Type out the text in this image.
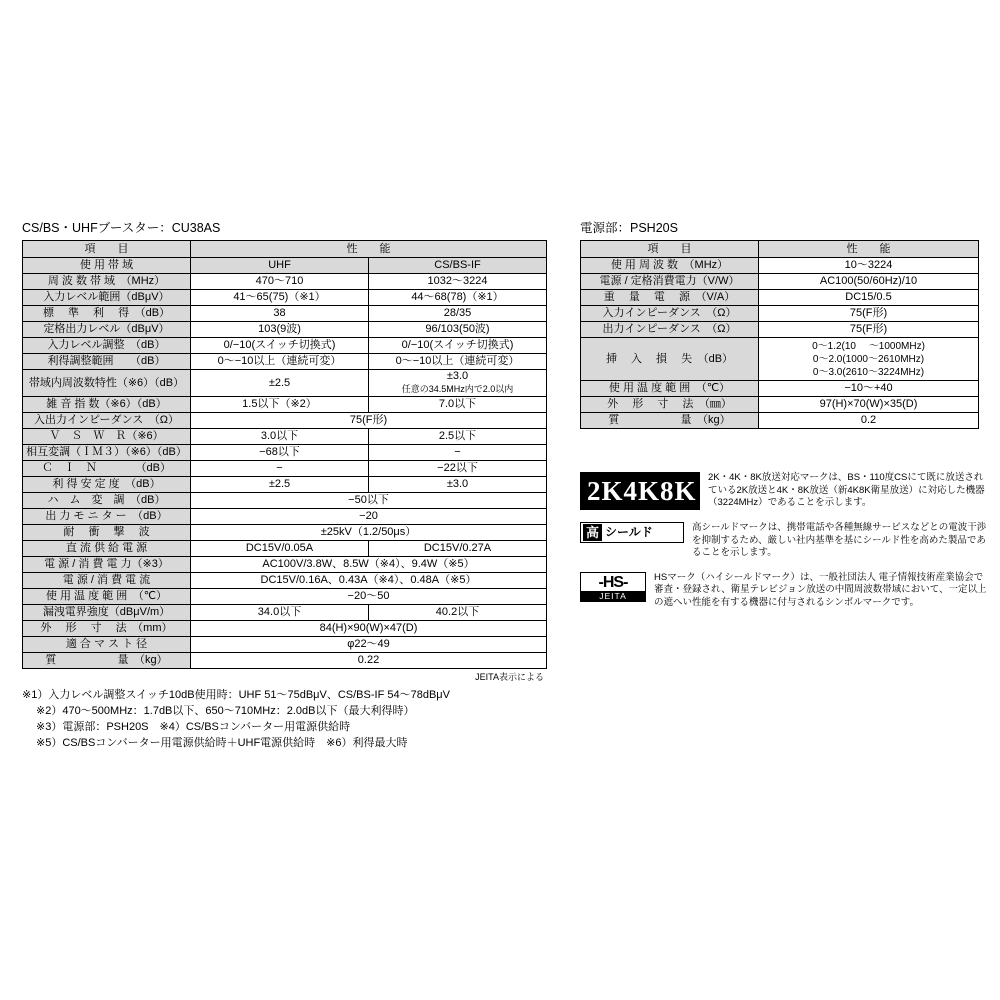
CS/BS・UHFブースター：CU38AS
項　　目	性　　能	
使 用 帯 域	UHF	CS/BS-IF
周 波 数 帯 域　（MHz）	470〜710	1032〜3224
入力レベル範囲（dBμV）	41〜65(75)（※1）	44〜68(78)（※1）
標 　準 　利 　得　（dB）	38	28/35
定格出力レベル（dBμV）	103(9波)	96/103(50波)
入力レベル調整　（dB）	0/−10(スイッチ切換式)	0/−10(スイッチ切換式)
利得調整範囲　　（dB）	0〜−10以上（連続可変）	0〜−10以上（連続可変）
帯域内周波数特性（※6）（dB）	±2.5	±3.0
任意の34.5MHz内で2.0以内

雑 音 指 数（※6）（dB）	1.5以下（※2）	7.0以下
入出力インピーダンス　（Ω）	75(F形)	
Ｖ　Ｓ　Ｗ　Ｒ（※6）	3.0以下	2.5以下
相互変調（ＩＭ３）（※6）（dB）	−68以下	−
Ｃ　Ｉ　Ｎ　　　　（dB）	−	−22以下
利 得 安 定 度　（dB）	±2.5	±3.0
ハ　ム　変　調　（dB）	−50以下	
出 力 モ ニ タ ー　（dB）	−20	
耐 　衝 　撃 　波	±25kV（1.2/50μs）	
直 流 供 給 電 源	DC15V/0.05A	DC15V/0.27A
電 源 / 消 費 電 力（※3）	AC100V/3.8W、8.5W（※4）、9.4W（※5）	
電 源 / 消 費 電 流	DC15V/0.16A、0.43A（※4）、0.48A（※5）	
使 用 温 度 範 囲　（℃）	−20〜50	
漏洩電界強度（dBμV/m）	34.0以下	40.2以下
外 　形 　寸 　法　（mm）	84(H)×90(W)×47(D)	
適 合 マ ス ト 径	φ22〜49	
質 　　　　　 量　（kg）	0.22	
JEITA表示による
※1）入力レベル調整スイッチ10dB使用時：UHF 51〜75dBμV、CS/BS-IF 54〜78dBμV
※2）470〜500MHz：1.7dB以下、650〜710MHz：2.0dB以下（最大利得時）
※3）電源部：PSH20S　※4）CS/BSコンバーター用電源供給時
※5）CS/BSコンバーター用電源供給時＋UHF電源供給時　※6）利得最大時
電源部：PSH20S
項　　目	性　　能
使 用 周 波 数　（MHz）	10〜3224
電源 / 定格消費電力（V/W）	AC100(50/60Hz)/10
重 　量 　電 　源　（V/A）	DC15/0.5
入力インピーダンス　（Ω）	75(F形)
出力インピーダンス　（Ω）	75(F形)
挿 　入 　損 　失　（dB）	0〜1.2(10 　〜1000MHz)
0〜2.0(1000〜2610MHz)
0〜3.0(2610〜3224MHz)

使 用 温 度 範 囲　（℃）	−10〜+40
外 　形 　寸 　法　（㎜）	97(H)×70(W)×35(D)
質 　　　　　 量　（kg）	0.2
2K4K8K	2K・4K・8K放送対応マークは、BS・110度CSにて既に放送されている2K放送と4K・8K放送（新4K8K衛星放送）に対応した機器（3224MHz）であることを示します。
高 シールド	高シールドマークは、携帯電話や各種無線サービスなどとの電波干渉を抑制するため、厳しい社内基準を基にシールド性を高めた製品であることを示します。
-HS-
JEITA
HSマーク（ハイシールドマーク）は、一般社団法人 電子情報技術産業協会で審査・登録され、衛星テレビジョン放送の中間周波数帯域において、一定以上の遮へい性能を有する機器に付与されるシンボルマークです。
